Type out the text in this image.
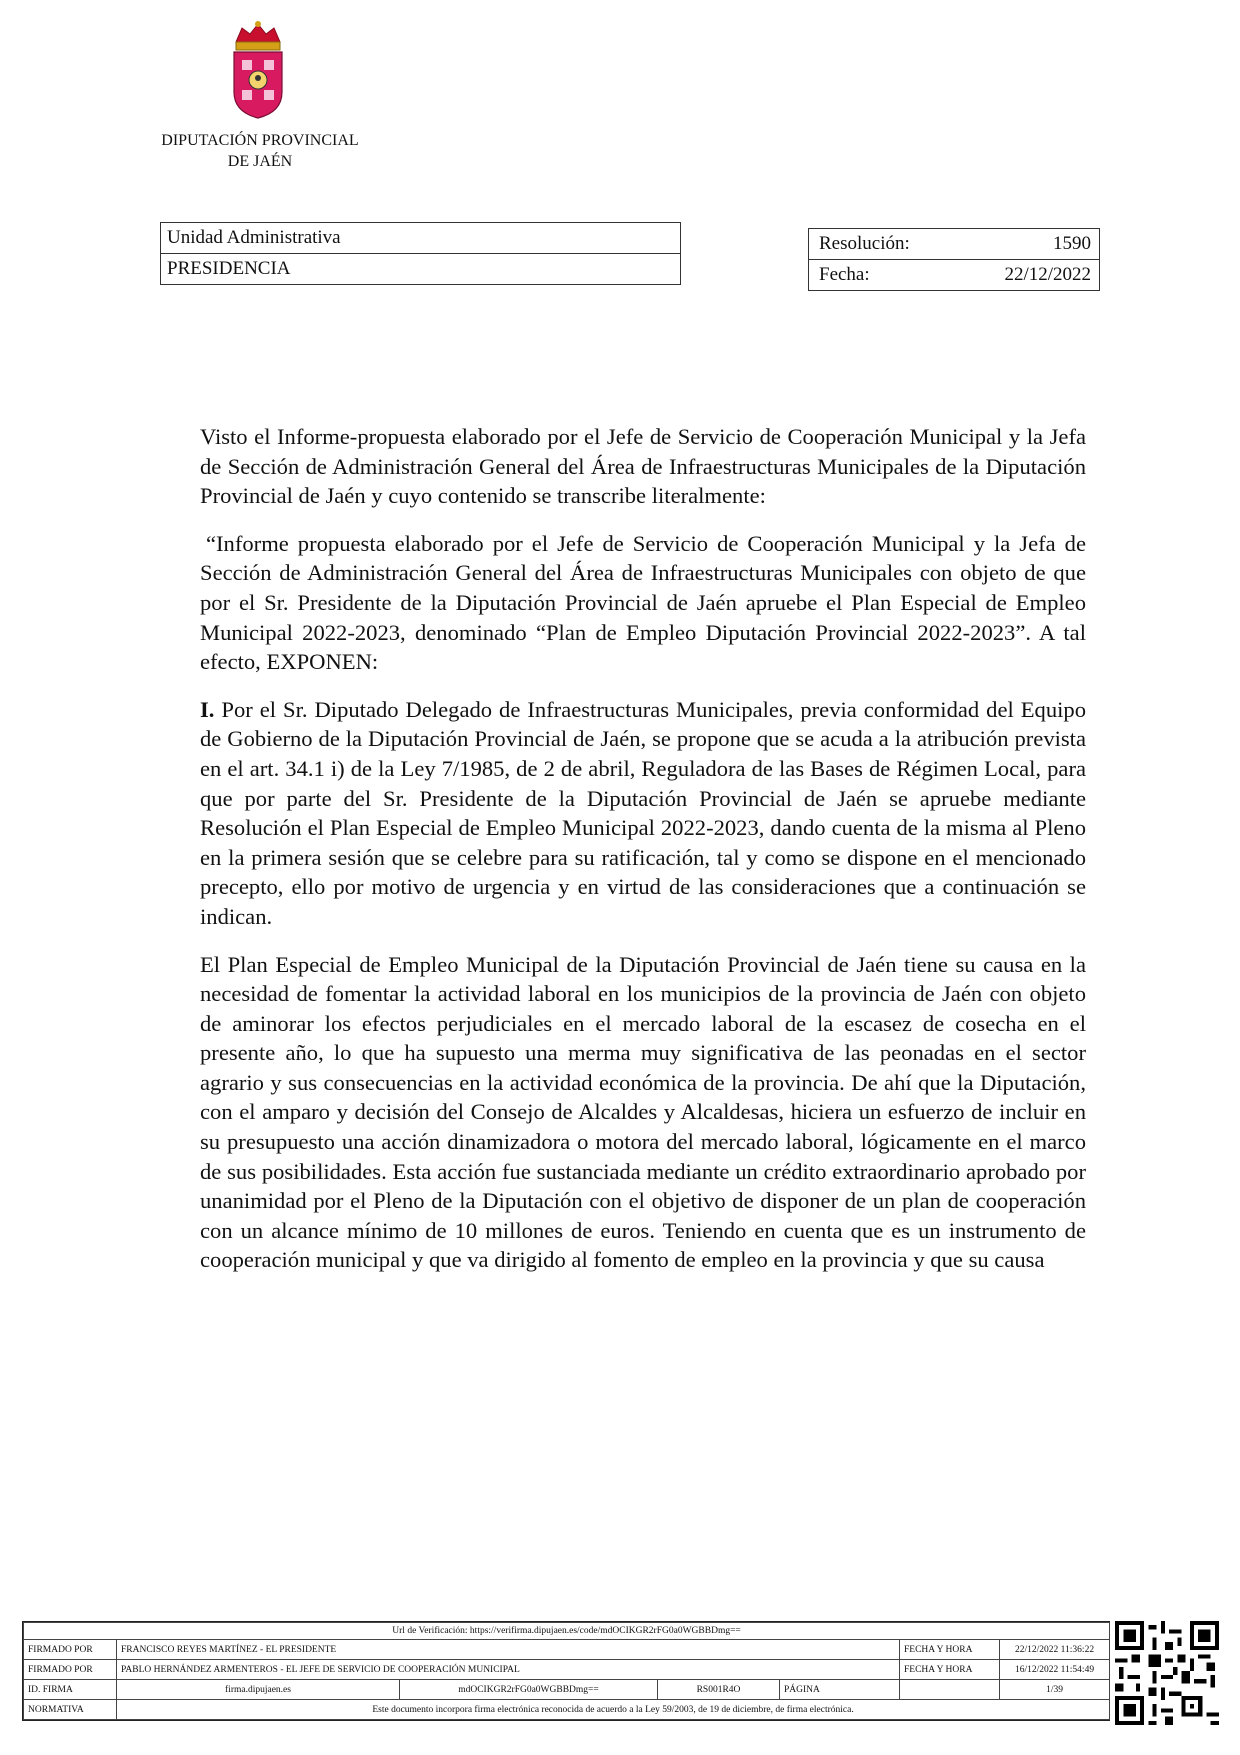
DIPUTACIÓN PROVINCIAL
DE JAÉN
Unidad Administrativa
PRESIDENCIA
Resolución:	1590
Fecha:	22/12/2022

Visto el Informe-propuesta elaborado por el Jefe de Servicio de Cooperación Municipal y la Jefa de Sección de Administración General del Área de Infraestructuras Municipales de la Diputación Provincial de Jaén y cuyo contenido se transcribe literalmente:

“Informe propuesta elaborado por el Jefe de Servicio de Cooperación Municipal y la Jefa de Sección de Administración General del Área de Infraestructuras Municipales con objeto de que por el Sr. Presidente de la Diputación Provincial de Jaén apruebe el Plan Especial de Empleo Municipal 2022-2023, denominado “Plan de Empleo Diputación Provincial 2022-2023”. A tal efecto, EXPONEN:

I. Por el Sr. Diputado Delegado de Infraestructuras Municipales, previa conformidad del Equipo de Gobierno de la Diputación Provincial de Jaén, se propone que se acuda a la atribución prevista en el art. 34.1 i) de la Ley 7/1985, de 2 de abril, Reguladora de las Bases de Régimen Local, para que por parte del Sr. Presidente de la Diputación Provincial de Jaén se apruebe mediante Resolución el Plan Especial de Empleo Municipal 2022-2023, dando cuenta de la misma al Pleno en la primera sesión que se celebre para su ratificación, tal y como se dispone en el mencionado precepto, ello por motivo de urgencia y en virtud de las consideraciones que a continuación se indican.

El Plan Especial de Empleo Municipal de la Diputación Provincial de Jaén tiene su causa en la necesidad de fomentar la actividad laboral en los municipios de la provincia de Jaén con objeto de aminorar los efectos perjudiciales en el mercado laboral de la escasez de cosecha en el presente año, lo que ha supuesto una merma muy significativa de las peonadas en el sector agrario y sus consecuencias en la actividad económica de la provincia. De ahí que la Diputación, con el amparo y decisión del Consejo de Alcaldes y Alcaldesas, hiciera un esfuerzo de incluir en su presupuesto una acción dinamizadora o motora del mercado laboral, lógicamente en el marco de sus posibilidades. Esta acción fue sustanciada mediante un crédito extraordinario aprobado por unanimidad por el Pleno de la Diputación con el objetivo de disponer de un plan de cooperación con un alcance mínimo de 10 millones de euros. Teniendo en cuenta que es un instrumento de cooperación municipal y que va dirigido al fomento de empleo en la provincia y que su causa

Url de Verificación: https://verifirma.dipujaen.es/code/mdOCIKGR2rFG0a0WGBBDmg==						
FIRMADO POR	FRANCISCO REYES MARTÍNEZ - EL PRESIDENTE				FECHA Y HORA	22/12/2022 11:36:22
FIRMADO POR	PABLO HERNÁNDEZ ARMENTEROS - EL JEFE DE SERVICIO DE COOPERACIÓN MUNICIPAL				FECHA Y HORA	16/12/2022 11:54:49
ID. FIRMA	firma.dipujaen.es	mdOCIKGR2rFG0a0WGBBDmg==	RS001R4O	PÁGINA		1/39
NORMATIVA	Este documento incorpora firma electrónica reconocida de acuerdo a la Ley 59/2003, de 19 de diciembre, de firma electrónica.					
